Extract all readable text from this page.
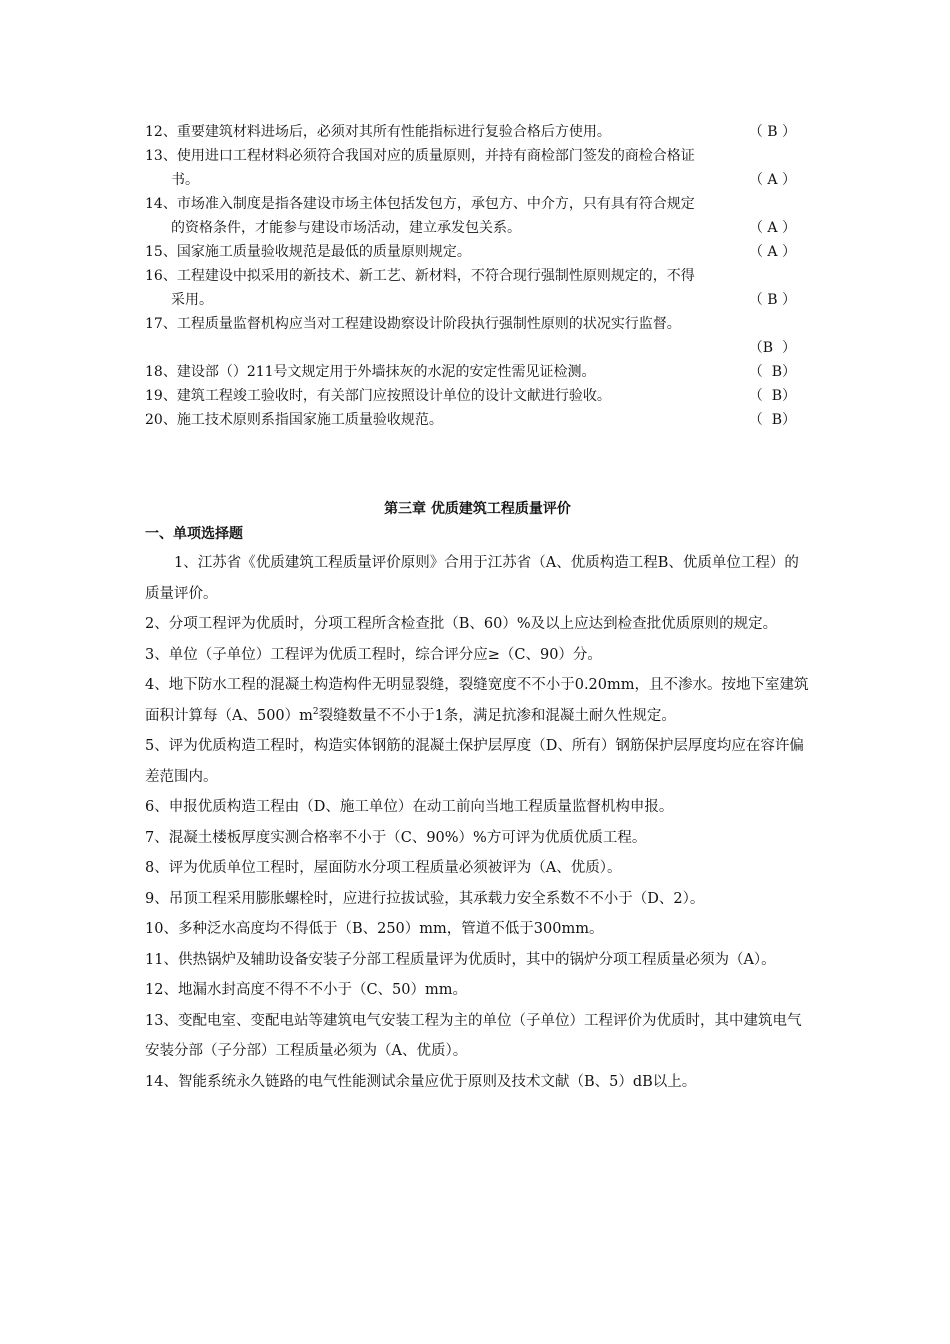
12、重要建筑材料进场后，必须对其所有性能指标进行复验合格后方使用。	（ B ）
13、使用进口工程材料必须符合我国对应的质量原则，并持有商检部门签发的商检合格证
书。	（ A ）
14、市场准入制度是指各建设市场主体包括发包方，承包方、中介方，只有具有符合规定
的资格条件，才能参与建设市场活动，建立承发包关系。	（ A ）
15、国家施工质量验收规范是最低的质量原则规定。	（ A ）
16、工程建设中拟采用的新技术、新工艺、新材料，不符合现行强制性原则规定的，不得
采用。	（ B ）
17、工程质量监督机构应当对工程建设勘察设计阶段执行强制性原则的状况实行监督。
（B  ）
18、建设部（）211号文规定用于外墙抹灰的水泥的安定性需见证检测。	（  B）
19、建筑工程竣工验收时，有关部门应按照设计单位的设计文献进行验收。	（  B）
20、施工技术原则系指国家施工质量验收规范。	（  B）
第三章 优质建筑工程质量评价
一、单项选择题

1、江苏省《优质建筑工程质量评价原则》合用于江苏省（A、优质构造工程B、优质单位工程）的质量评价。

2、分项工程评为优质时，分项工程所含检查批（B、60）%及以上应达到检查批优质原则的规定。

3、单位（子单位）工程评为优质工程时，综合评分应≥（C、90）分。

4、地下防水工程的混凝土构造构件无明显裂缝，裂缝宽度不不小于0.20mm，且不渗水。按地下室建筑面积计算每（A、$500)m^2$裂缝数量不不小于1条，满足抗渗和混凝土耐久性规定。

5、评为优质构造工程时，构造实体钢筋的混凝土保护层厚度（D、所有）钢筋保护层厚度均应在容许偏差范围内。

6、申报优质构造工程由（D、施工单位）在动工前向当地工程质量监督机构申报。

7、混凝土楼板厚度实测合格率不小于（C、90%）%方可评为优质优质工程。

8、评为优质单位工程时，屋面防水分项工程质量必须被评为（A、优质）。

9、吊顶工程采用膨胀螺栓时，应进行拉拔试验，其承载力安全系数不不小于（D、2）。

10、多种泛水高度均不得低于（B、250）mm，管道不低于300mm。

11、供热锅炉及辅助设备安装子分部工程质量评为优质时，其中的锅炉分项工程质量必须为（A）。

12、地漏水封高度不得不不小于（C、50）mm。

13、变配电室、变配电站等建筑电气安装工程为主的单位（子单位）工程评价为优质时，其中建筑电气安装分部（子分部）工程质量必须为（A、优质）。

14、智能系统永久链路的电气性能测试余量应优于原则及技术文献（B、5）dB以上。
